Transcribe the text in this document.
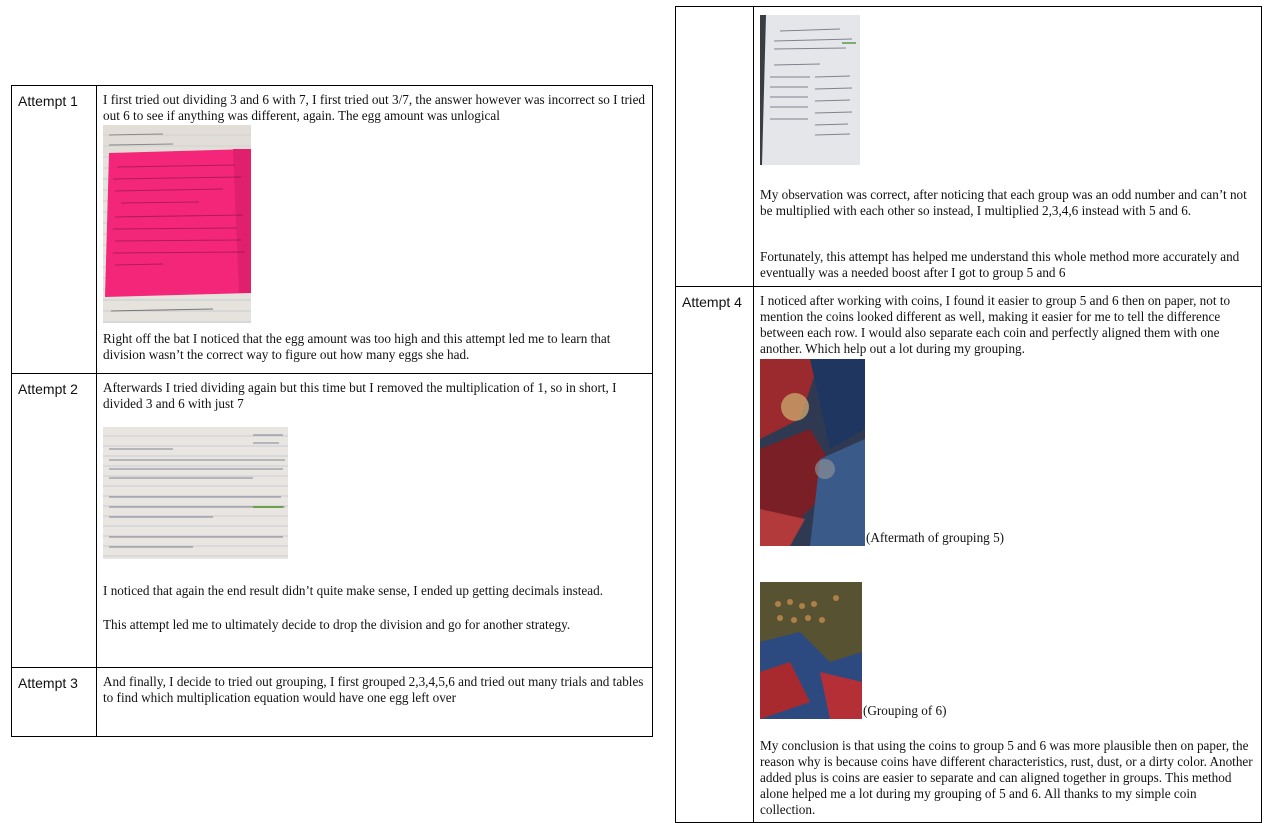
Attempt 1	I first tried out dividing 3 and 6 with 7, I first tried out 3/7, the answer however was incorrect so I tried out 6 to see if anything was different, again. The egg amount was unlogical

Right off the bat I noticed that the egg amount was too high and this attempt led me to learn that division wasn’t the correct way to figure out how many eggs she had.

Attempt 2	Afterwards I tried dividing again but this time but I removed the multiplication of 1, so in short, I divided 3 and 6 with just 7

I noticed that again the end result didn’t quite make sense, I ended up getting decimals instead.

This attempt led me to ultimately decide to drop the division and go for another strategy.

Attempt 3	And finally, I decide to tried out grouping, I first grouped 2,3,4,5,6 and tried out many trials and tables to find which multiplication equation would have one egg left over

	My observation was correct, after noticing that each group was an odd number and can’t not be multiplied with each other so instead, I multiplied 2,3,4,6 instead with 5 and 6.

Fortunately, this attempt has helped me understand this whole method more accurately and eventually was a needed boost after I got to group 5 and 6

Attempt 4	I noticed after working with coins, I found it easier to group 5 and 6 then on paper, not to mention the coins looked different as well, making it easier for me to tell the difference between each row. I would also separate each coin and perfectly aligned them with one another. Which help out a lot during my grouping.

(Aftermath of grouping 5)
(Grouping of 6)

My conclusion is that using the coins to group 5 and 6 was more plausible then on paper, the reason why is because coins have different characteristics, rust, dust, or a dirty color. Another added plus is coins are easier to separate and can aligned together in groups. This method alone helped me a lot during my grouping of 5 and 6. All thanks to my simple coin collection.
